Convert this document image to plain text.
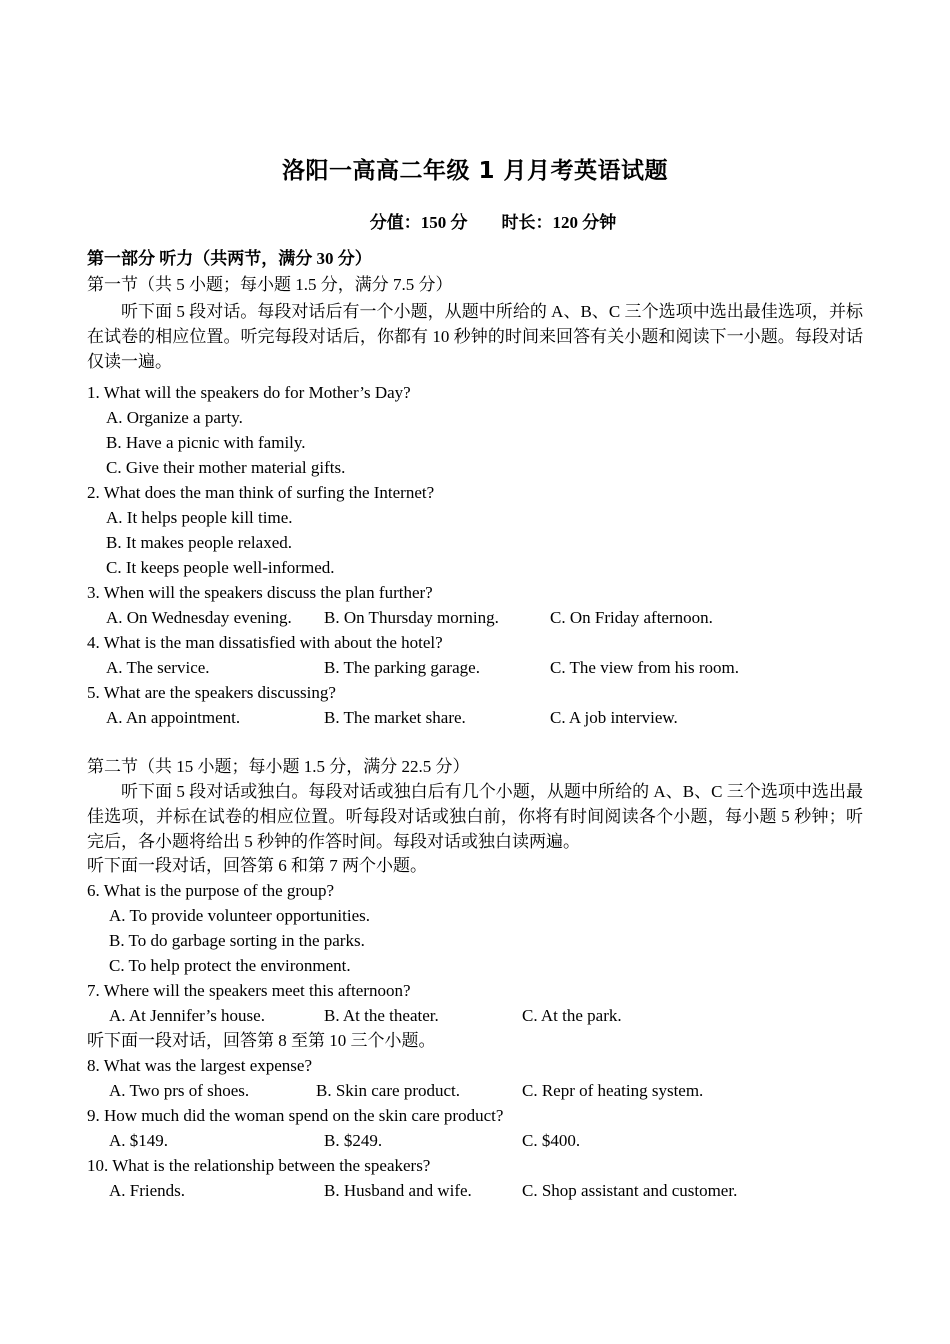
洛阳一高高二年级 1 月月考英语试题
分值：150 分        时长：120 分钟
第一部分 听力（共两节，满分 30 分）
第一节（共 5 小题；每小题 1.5 分，满分 7.5 分）
听下面 5 段对话。每段对话后有一个小题，从题中所给的 A、B、C 三个选项中选出最佳选项，并标在试卷的相应位置。听完每段对话后，你都有 10 秒钟的时间来回答有关小题和阅读下一小题。每段对话仅读一遍。
1. What will the speakers do for Mother’s Day?
A. Organize a party.
B. Have a picnic with family.
C. Give their mother material gifts.
2. What does the man think of surfing the Internet?
A. It helps people kill time.
B. It makes people relaxed.
C. It keeps people well-informed.
3. When will the speakers discuss the plan further?
A. On Wednesday evening. B. On Thursday morning.	C. On Friday afternoon.
4. What is the man dissatisfied with about the hotel?
A. The service.	B. The parking garage.	C. The view from his room.
5. What are the speakers discussing?
A. An appointment.	B. The market share.	C. A job interview.
第二节（共 15 小题；每小题 1.5 分，满分 22.5 分）
听下面 5 段对话或独白。每段对话或独白后有几个小题，从题中所给的 A、B、C 三个选项中选出最佳选项，并标在试卷的相应位置。听每段对话或独白前，你将有时间阅读各个小题，每小题 5 秒钟；听完后，各小题将给出 5 秒钟的作答时间。每段对话或独白读两遍。
听下面一段对话，回答第 6 和第 7 两个小题。
6. What is the purpose of the group?
A. To provide volunteer opportunities.
B. To do garbage sorting in the parks.
C. To help protect the environment.
7. Where will the speakers meet this afternoon?
A. At Jennifer’s house.	B. At the theater.	C. At the park.
听下面一段对话，回答第 8 至第 10 三个小题。
8. What was the largest expense?
A. Two prs of shoes.	B. Skin care product.	C. Repr of heating system.
9. How much did the woman spend on the skin care product?
A. $149.	B. $249.	C. $400.
10. What is the relationship between the speakers?
A. Friends.	B. Husband and wife.	C. Shop assistant and customer.
